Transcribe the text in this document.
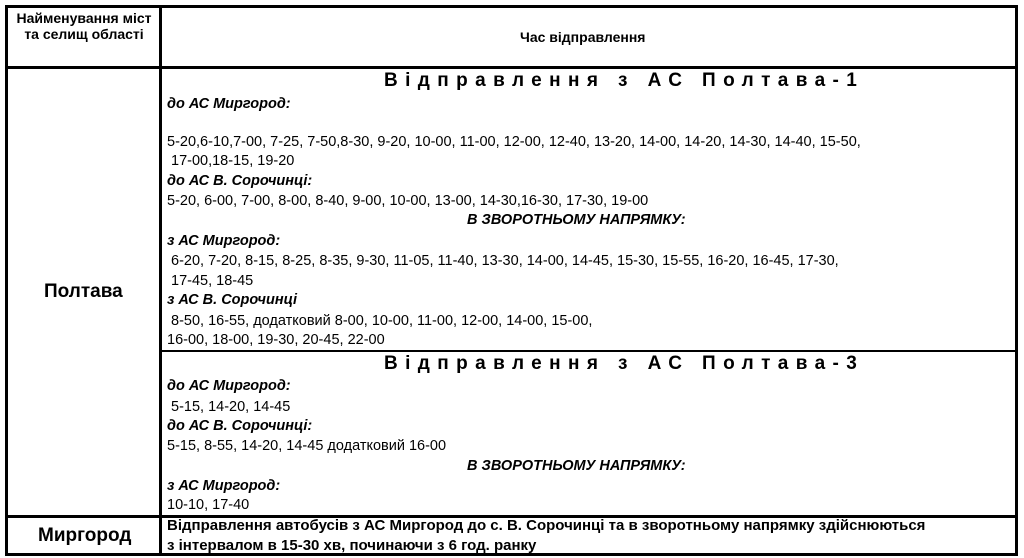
Найменування міст та селищ області	Час відправлення
Полтава
Відправлення з АС Полтава-1
до АС Миргород:
5-20,6-10,7-00, 7-25, 7-50,8-30, 9-20, 10-00, 11-00, 12-00, 12-40, 13-20, 14-00, 14-20, 14-30, 14-40, 15-50,
17-00,18-15, 19-20
до АС В. Сорочинці:
5-20, 6-00, 7-00, 8-00, 8-40, 9-00, 10-00, 13-00, 14-30,16-30, 17-30, 19-00
В ЗВОРОТНЬОМУ НАПРЯМКУ:
з АС Миргород:
6-20, 7-20, 8-15, 8-25, 8-35, 9-30, 11-05, 11-40, 13-30, 14-00, 14-45, 15-30, 15-55, 16-20, 16-45, 17-30,
17-45, 18-45
з АС В. Сорочинці
8-50, 16-55, додатковий 8-00, 10-00, 11-00, 12-00, 14-00, 15-00,
16-00, 18-00, 19-30, 20-45, 22-00
Відправлення з АС Полтава-3
до АС Миргород:
5-15, 14-20, 14-45
до АС В. Сорочинці:
5-15, 8-55, 14-20, 14-45 додатковий 16-00
В ЗВОРОТНЬОМУ НАПРЯМКУ:
з АС Миргород:
10-10, 17-40
Миргород Відправлення автобусів з АС Миргород до с. В. Сорочинці та в зворотньому напрямку здійснюються
з інтервалом в 15-30 хв, починаючи з 6 год. ранку
